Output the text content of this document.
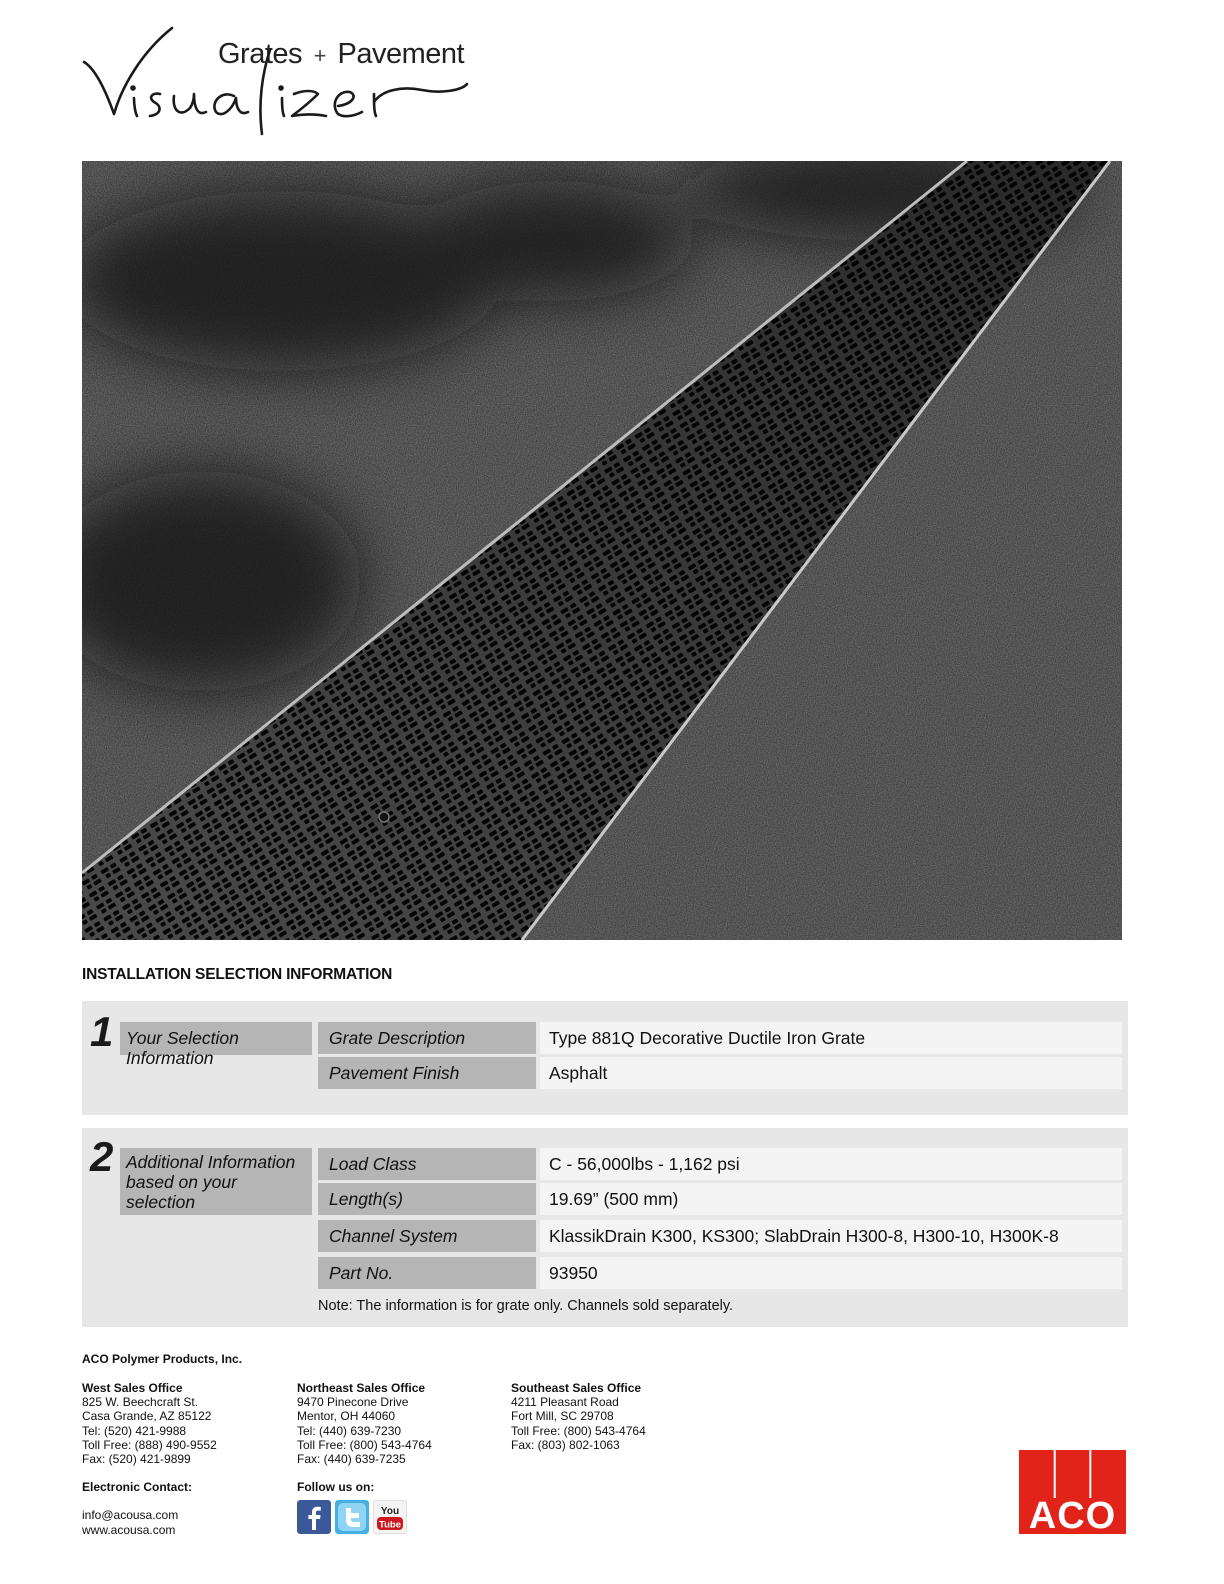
Grates + Pavement
INSTALLATION SELECTION INFORMATION
1 Your Selection Information
Grate Description	Type 881Q Decorative Ductile Iron Grate
Pavement Finish	Asphalt
2 Additional Information
based on your selection
Load Class	C - 56,000lbs - 1,162 psi
Length(s)	19.69” (500 mm)
Channel System	KlassikDrain K300, KS300; SlabDrain H300-8, H300-10, H300K-8
Part No.	93950
Note: The information is for grate only. Channels sold separately.
ACO Polymer Products, Inc.
West Sales Office
825 W. Beechcraft St.
Casa Grande, AZ 85122
Tel: (520) 421-9988
Toll Free: (888) 490-9552
Fax: (520) 421-9899
Northeast Sales Office
9470 Pinecone Drive
Mentor, OH 44060
Tel: (440) 639-7230
Toll Free: (800) 543-4764
Fax: (440) 639-7235
Southeast Sales Office
4211 Pleasant Road
Fort Mill, SC 29708
Toll Free: (800) 543-4764
Fax: (803) 802-1063
Electronic Contact:
info@acousa.com
www.acousa.com
Follow us on:
You
Tube	ACO
